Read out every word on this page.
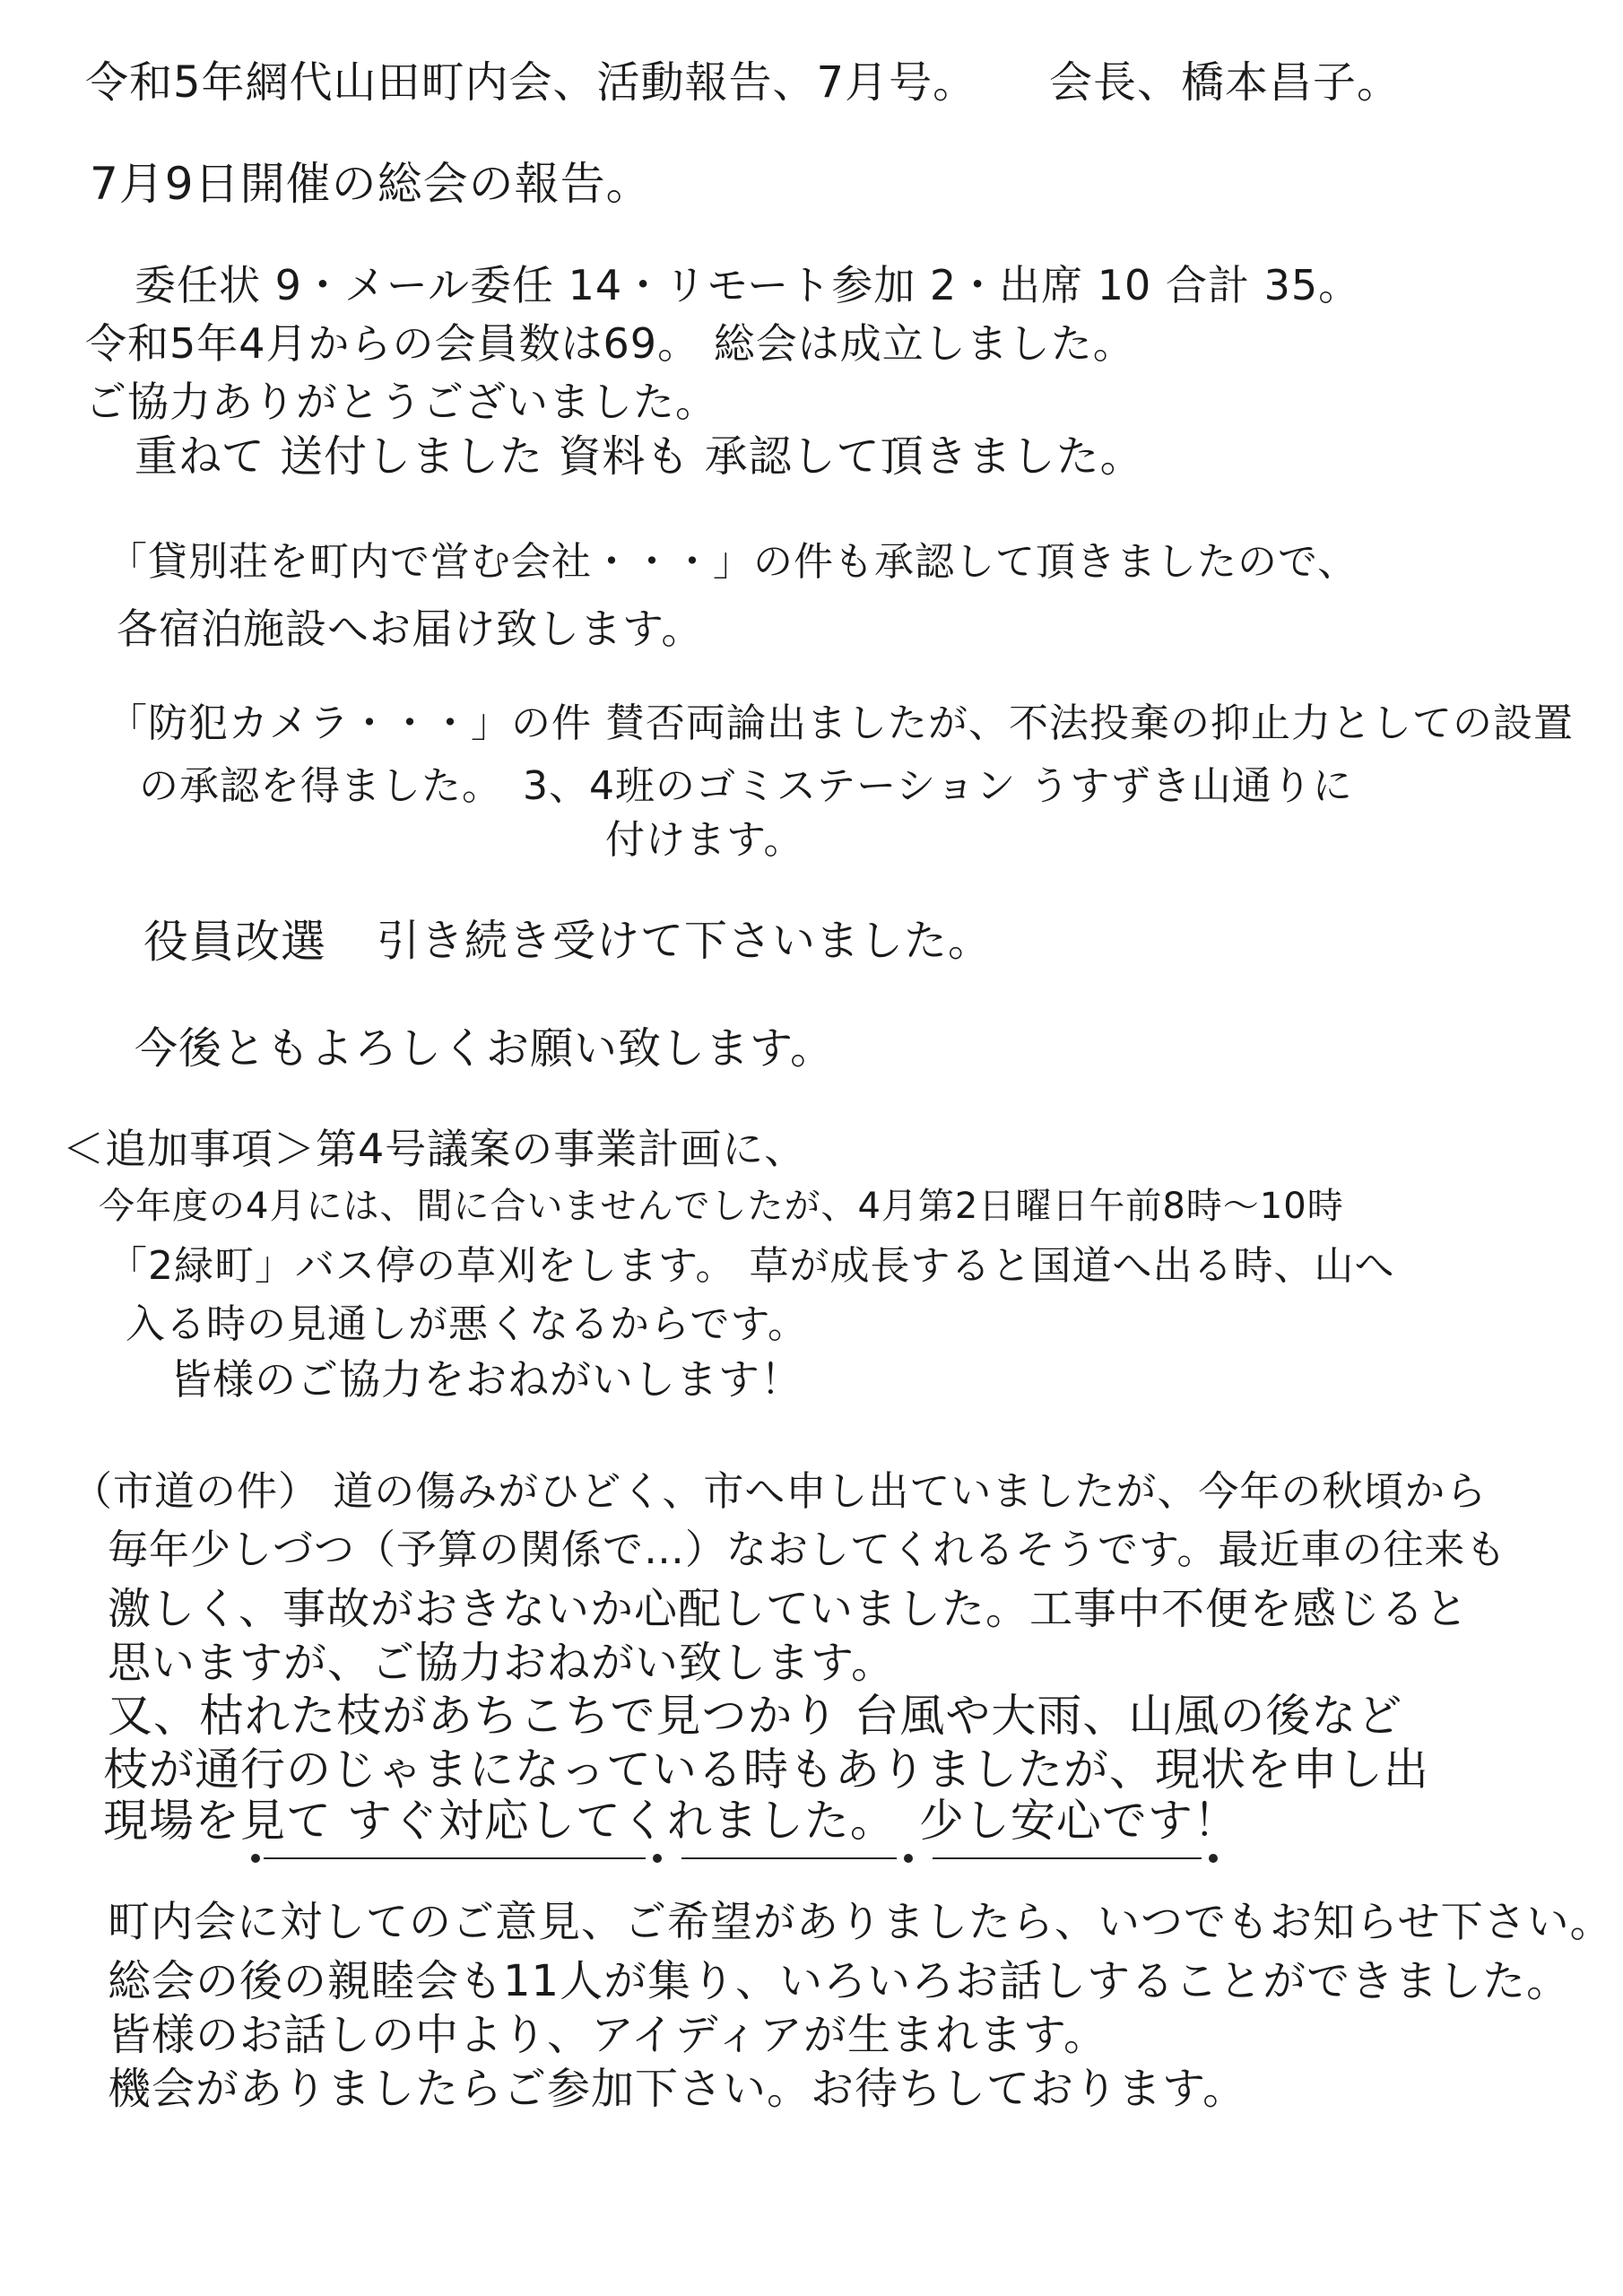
令和5年網代山田町内会、活動報告、7月号。 会長、橋本昌子。
7月9日開催の総会の報告。
委任状 9・メール委任 14・リモート参加 2・出席 10 合計 35。
令和5年4月からの会員数は69。 総会は成立しました。
ご協力ありがとうございました。
重ねて 送付しました 資料も 承認して頂きました。
「貸別荘を町内で営む会社・・・」の件も承認して頂きましたので、
各宿泊施設へお届け致します。
「防犯カメラ・・・」の件 賛否両論出ましたが、不法投棄の抑止力としての設置
の承認を得ました。　3、4班のゴミステーション うすずき山通りに
付けます。
役員改選 引き続き受けて下さいました。
今後ともよろしくお願い致します。
＜追加事項＞第4号議案の事業計画に、
今年度の4月には、間に合いませんでしたが、4月第2日曜日午前8時～10時
「2緑町」バス停の草刈をします。 草が成長すると国道へ出る時、山へ
入る時の見通しが悪くなるからです。
皆様のご協力をおねがいします！
（市道の件） 道の傷みがひどく、市へ申し出ていましたが、今年の秋頃から
毎年少しづつ（予算の関係で…）なおしてくれるそうです。最近車の往来も
激しく、事故がおきないか心配していました。工事中不便を感じると
思いますが、ご協力おねがい致します。
又、枯れた枝があちこちで見つかり 台風や大雨、山風の後など
枝が通行のじゃまになっている時もありましたが、現状を申し出
現場を見て すぐ対応してくれました。　少し安心です！
町内会に対してのご意見、ご希望がありましたら、いつでもお知らせ下さい。
総会の後の親睦会も11人が集り、いろいろお話しすることができました。
皆様のお話しの中より、アイディアが生まれます。
機会がありましたらご参加下さい。お待ちしております。
